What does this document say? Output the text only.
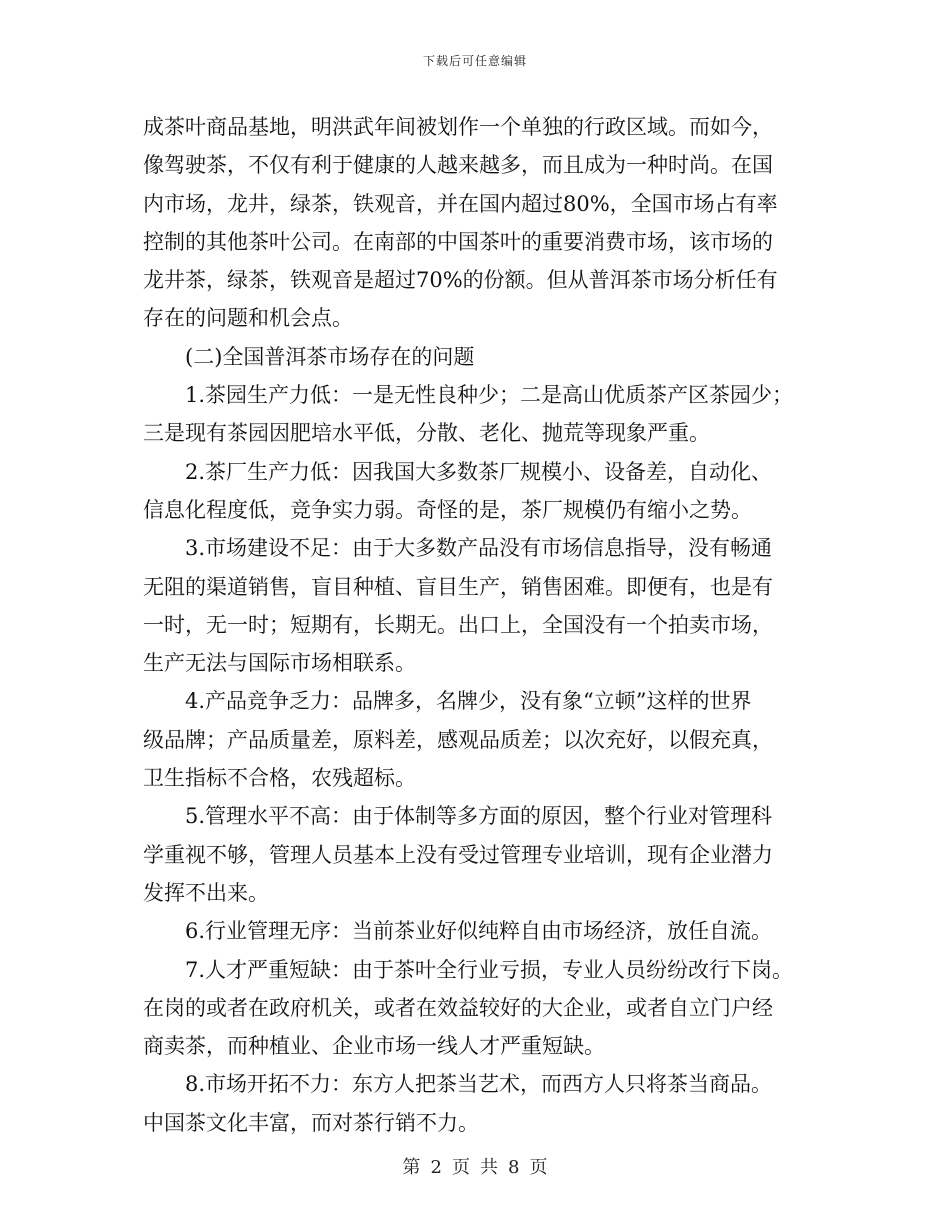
下载后可任意编辑
成茶叶商品基地，明洪武年间被划作一个单独的行政区域。而如今，
像驾驶茶，不仅有利于健康的人越来越多，而且成为一种时尚。在国
内市场，龙井，绿茶，铁观音，并在国内超过80%，全国市场占有率
控制的其他茶叶公司。在南部的中国茶叶的重要消费市场，该市场的
龙井茶，绿茶，铁观音是超过70%的份额。但从普洱茶市场分析任有
存在的问题和机会点。
(二)全国普洱茶市场存在的问题
1.茶园生产力低：一是无性良种少；二是高山优质茶产区茶园少；
三是现有茶园因肥培水平低，分散、老化、抛荒等现象严重。
2.茶厂生产力低：因我国大多数茶厂规模小、设备差，自动化、
信息化程度低，竞争实力弱。奇怪的是，茶厂规模仍有缩小之势。
3.市场建设不足：由于大多数产品没有市场信息指导，没有畅通
无阻的渠道销售，盲目种植、盲目生产，销售困难。即便有，也是有
一时，无一时；短期有，长期无。出口上，全国没有一个拍卖市场，
生产无法与国际市场相联系。
4.产品竞争乏力：品牌多，名牌少，没有象“立顿”这样的世界
级品牌；产品质量差，原料差，感观品质差；以次充好，以假充真，
卫生指标不合格，农残超标。
5.管理水平不高：由于体制等多方面的原因，整个行业对管理科
学重视不够，管理人员基本上没有受过管理专业培训，现有企业潜力
发挥不出来。
6.行业管理无序：当前茶业好似纯粹自由市场经济，放任自流。
7.人才严重短缺：由于茶叶全行业亏损，专业人员纷纷改行下岗。
在岗的或者在政府机关，或者在效益较好的大企业，或者自立门户经
商卖茶，而种植业、企业市场一线人才严重短缺。
8.市场开拓不力：东方人把茶当艺术，而西方人只将茶当商品。
中国茶文化丰富，而对茶行销不力。
第 2 页 共 8 页
